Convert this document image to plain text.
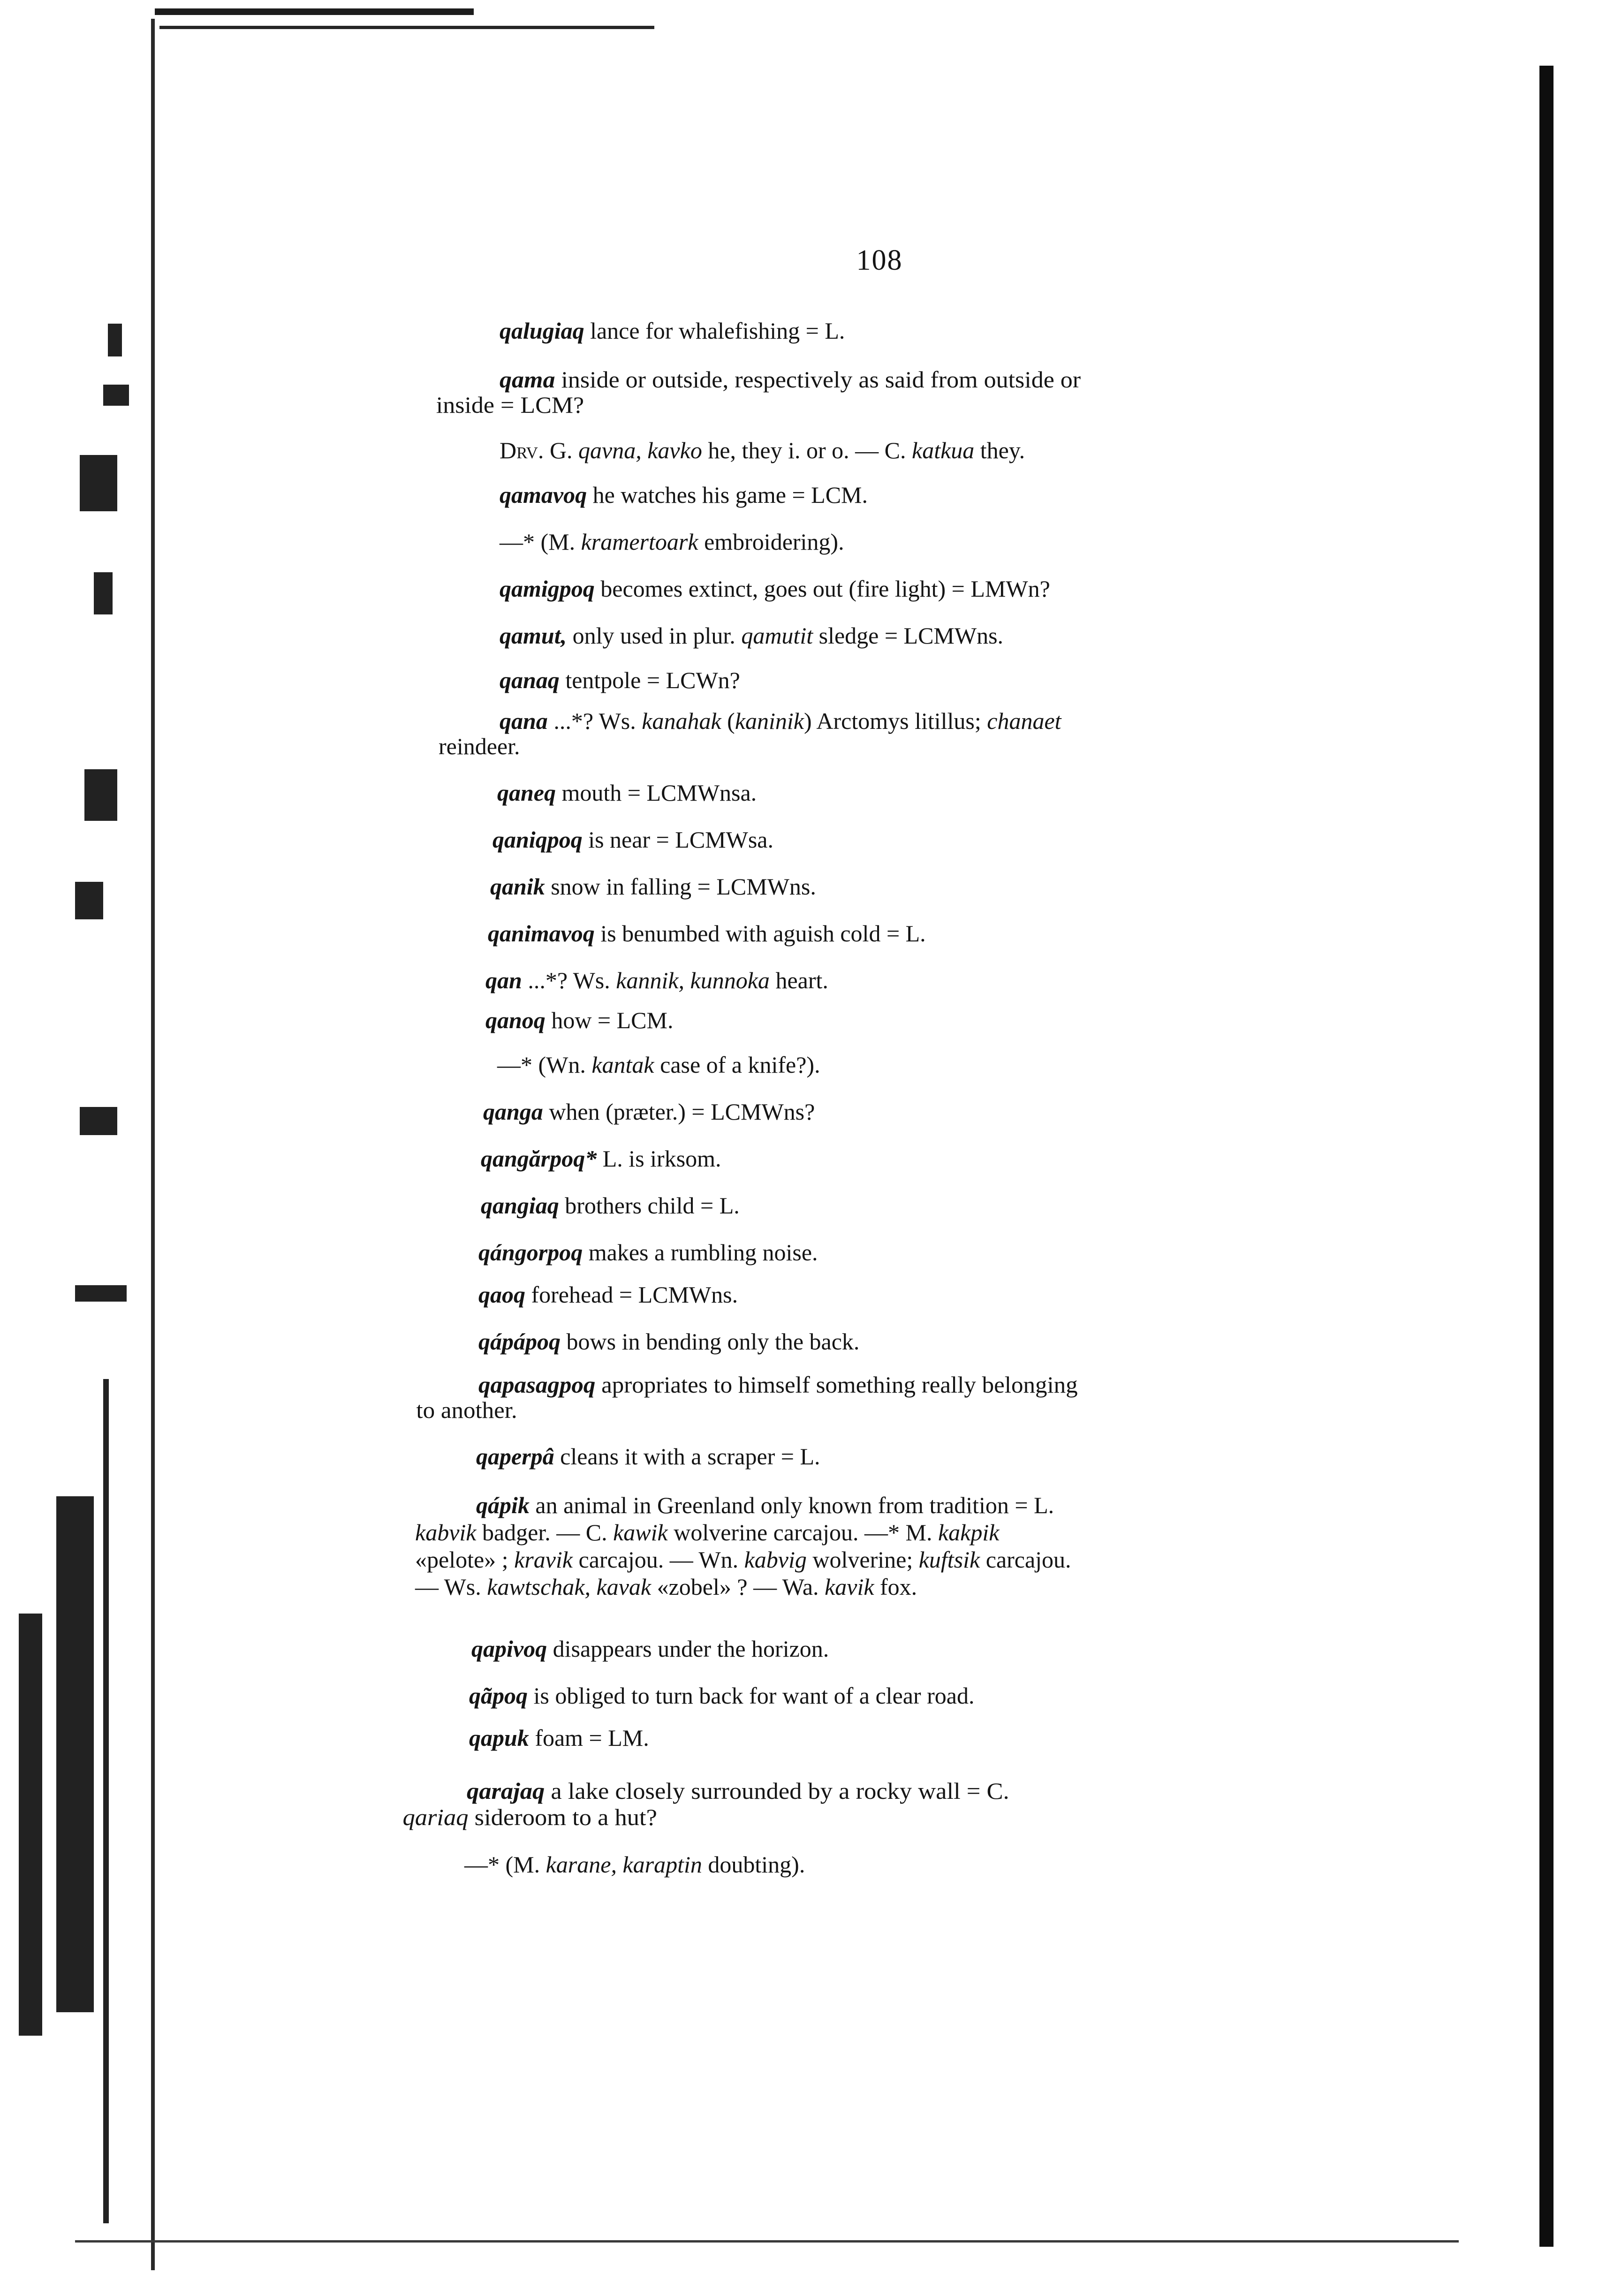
108
qalugiaq lance for whalefishing = L.
qama inside or outside, respectively as said from outside or
inside = LCM?
Drv. G. qavna, kavko he, they i. or o. — C. katkua they.
qamavoq he watches his game = LCM.
—* (M. kramertoark embroidering).
qamigpoq becomes extinct, goes out (fire light) = LMWn?
qamut, only used in plur. qamutit sledge = LCMWns.
qanaq tentpole = LCWn?
qana ...*? Ws. kanahak (kaninik) Arctomys litillus; chanaet
reindeer.
qaneq mouth = LCMWnsa.
qaniqpoq is near = LCMWsa.
qanik snow in falling = LCMWns.
qanimavoq is benumbed with aguish cold = L.
qan ...*? Ws. kannik, kunnoka heart.
qanoq how = LCM.
—* (Wn. kantak case of a knife?).
qanga when (præter.) = LCMWns?
qangărpoq* L. is irksom.
qangiaq brothers child = L.
qángorpoq makes a rumbling noise.
qaoq forehead = LCMWns.
qápápoq bows in bending only the back.
qapasagpoq apropriates to himself something really belonging
to another.
qaperpâ cleans it with a scraper = L.
qápik an animal in Greenland only known from tradition = L.
kabvik badger. — C. kawik wolverine carcajou. —* M. kakpik
«pelote» ; kravik carcajou. — Wn. kabvig wolverine; kuftsik carcajou.
— Ws. kawtschak, kavak «zobel» ? — Wa. kavik fox.
qapivoq disappears under the horizon.
qãpoq is obliged to turn back for want of a clear road.
qapuk foam = LM.
qarajaq a lake closely surrounded by a rocky wall = C.
qariaq sideroom to a hut?
—* (M. karane, karaptin doubting).
